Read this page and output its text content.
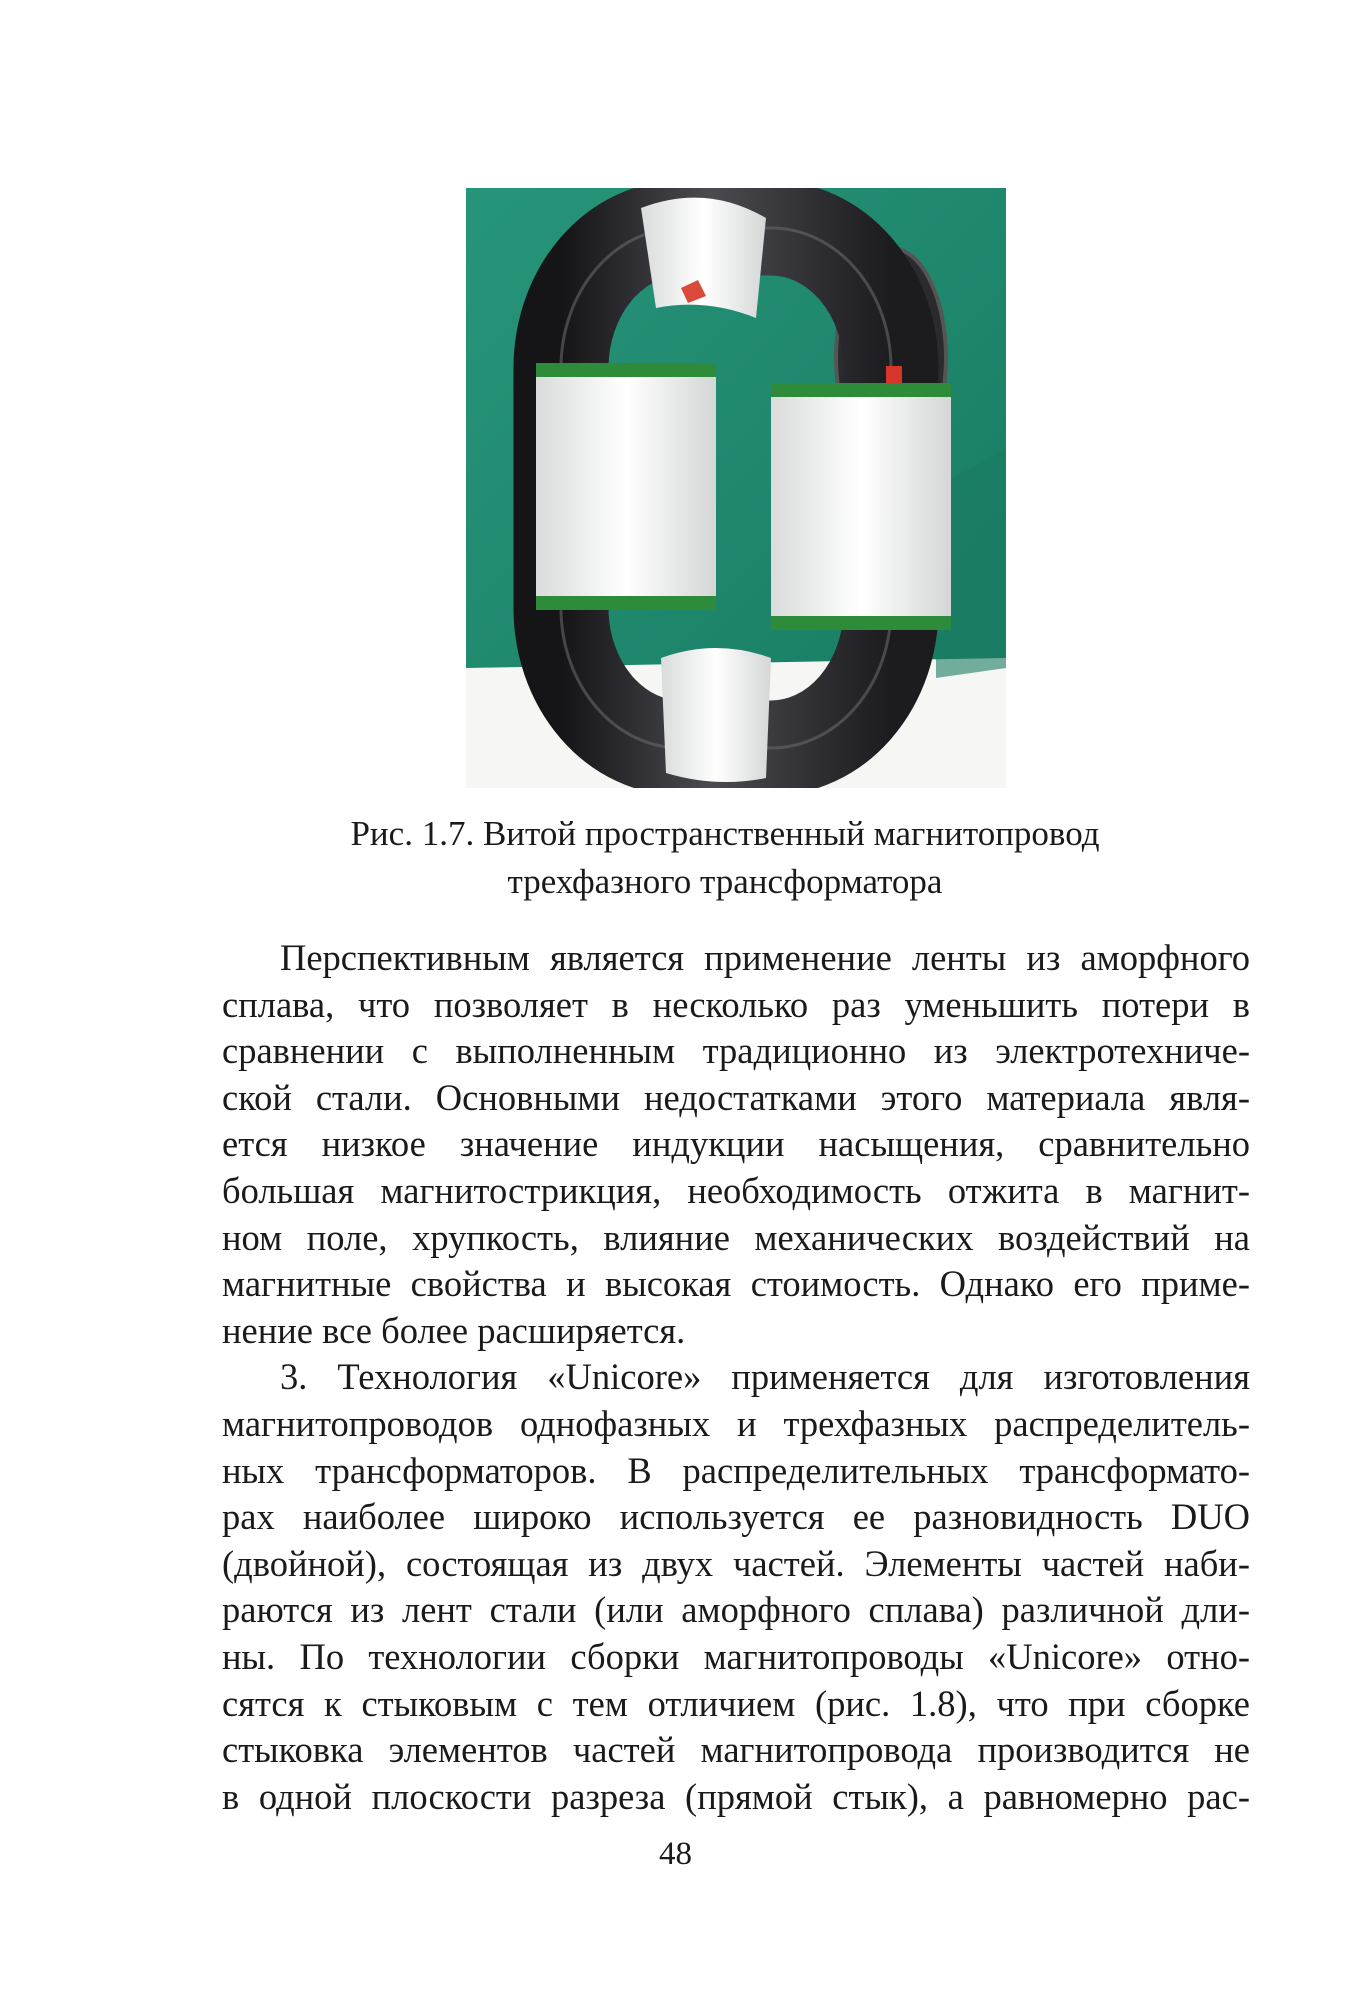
Рис. 1.7. Витой пространственный магнитопровод
трехфазного трансформатора
Перспективным является применение ленты из аморфного
сплава, что позволяет в несколько раз уменьшить потери в
сравнении с выполненным традиционно из электротехниче-
ской стали. Основными недостатками этого материала явля-
ется низкое значение индукции насыщения, сравнительно
большая магнитострикция, необходимость отжита в магнит-
ном поле, хрупкость, влияние механических воздействий на
магнитные свойства и высокая стоимость. Однако его приме-
нение все более расширяется.
3. Технология «Unicore» применяется для изготовления
магнитопроводов однофазных и трехфазных распределитель-
ных трансформаторов. В распределительных трансформато-
рах наиболее широко используется ее разновидность DUO
(двойной), состоящая из двух частей. Элементы частей наби-
раются из лент стали (или аморфного сплава) различной дли-
ны. По технологии сборки магнитопроводы «Unicore» отно-
сятся к стыковым с тем отличием (рис. 1.8), что при сборке
стыковка элементов частей магнитопровода производится не
в одной плоскости разреза (прямой стык), а равномерно рас-
48
